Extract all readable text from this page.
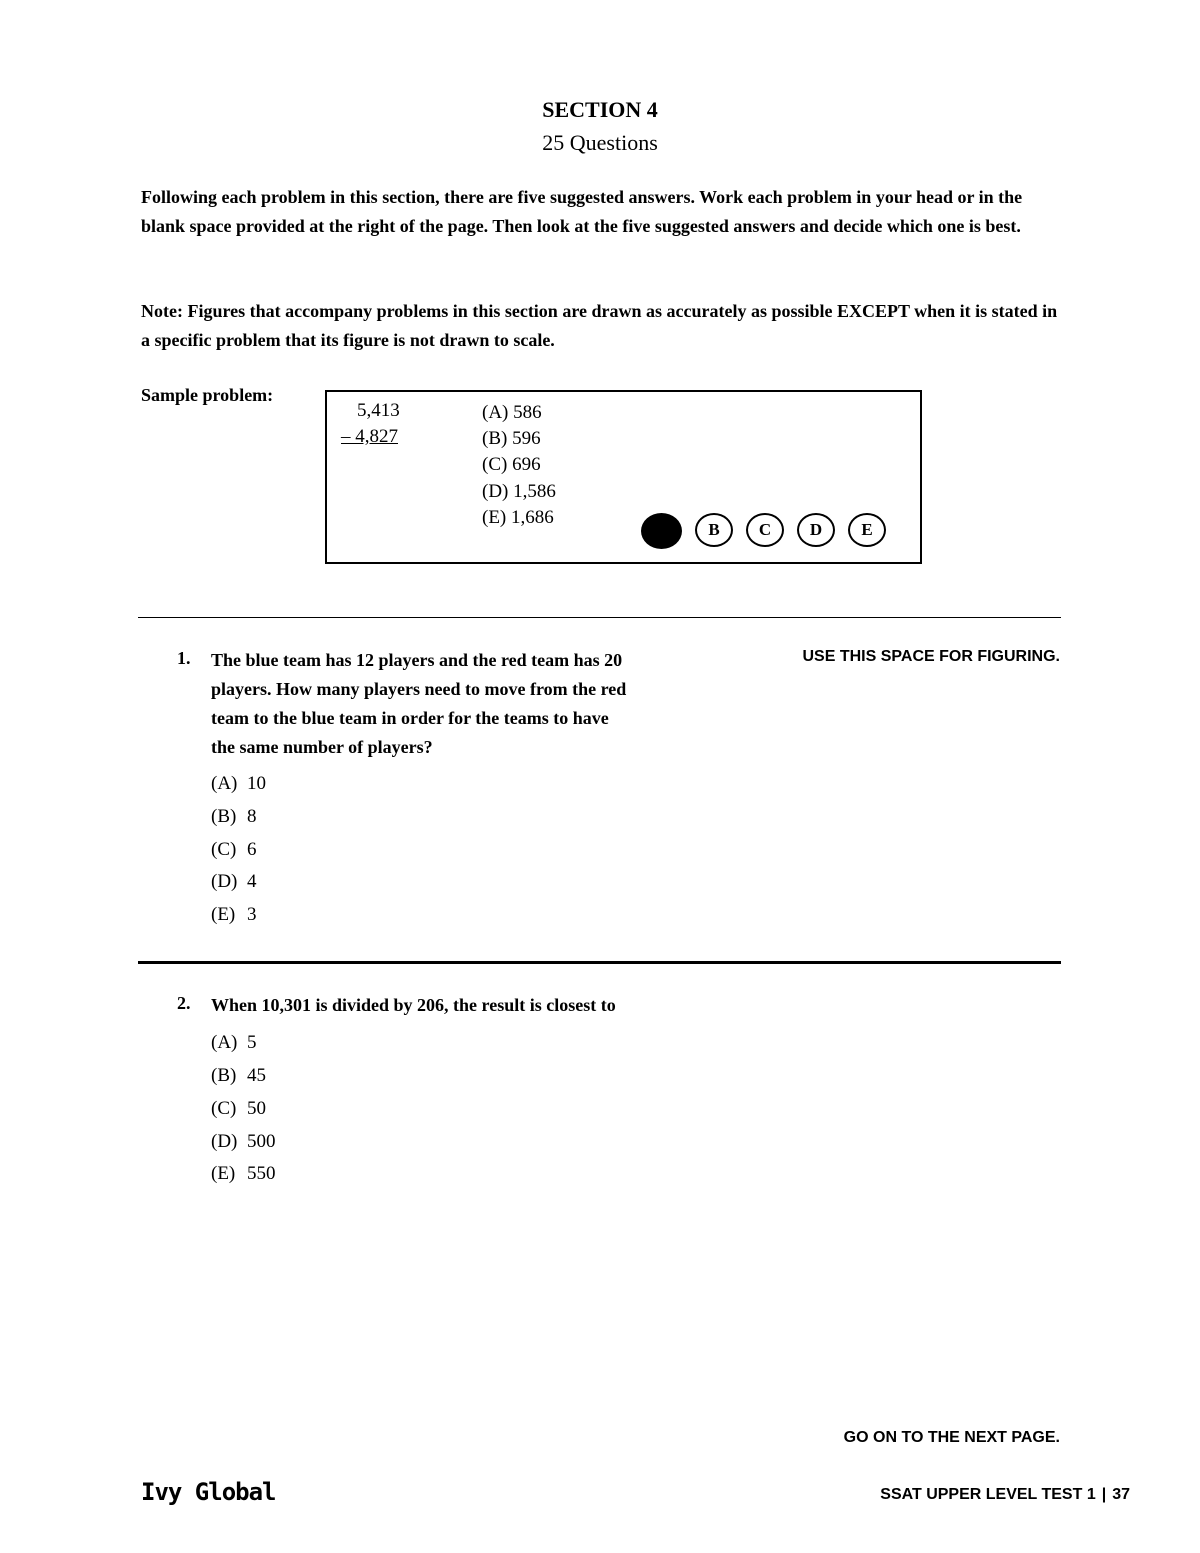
SECTION 4
25 Questions
Following each problem in this section, there are five suggested answers. Work each problem in your head or in the blank space provided at the right of the page. Then look at the five suggested answers and decide which one is best.
Note: Figures that accompany problems in this section are drawn as accurately as possible EXCEPT when it is stated in a specific problem that its figure is not drawn to scale.
Sample problem:
5,413
– 4,827
(A) 586
(B) 596
(C) 696
(D) 1,586
(E) 1,686
B	C	D	E
1. The blue team has 12 players and the red team has 20
players. How many players need to move from the red
team to the blue team in order for the teams to have
the same number of players?
USE THIS SPACE FOR FIGURING.
(A) 10
(B) 8
(C) 6
(D) 4
(E) 3
2. When 10,301 is divided by 206, the result is closest to
(A) 5
(B) 45
(C) 50
(D) 500
(E) 550
GO ON TO THE NEXT PAGE.
Ivy Global	SSAT UPPER LEVEL TEST 1 | 37
